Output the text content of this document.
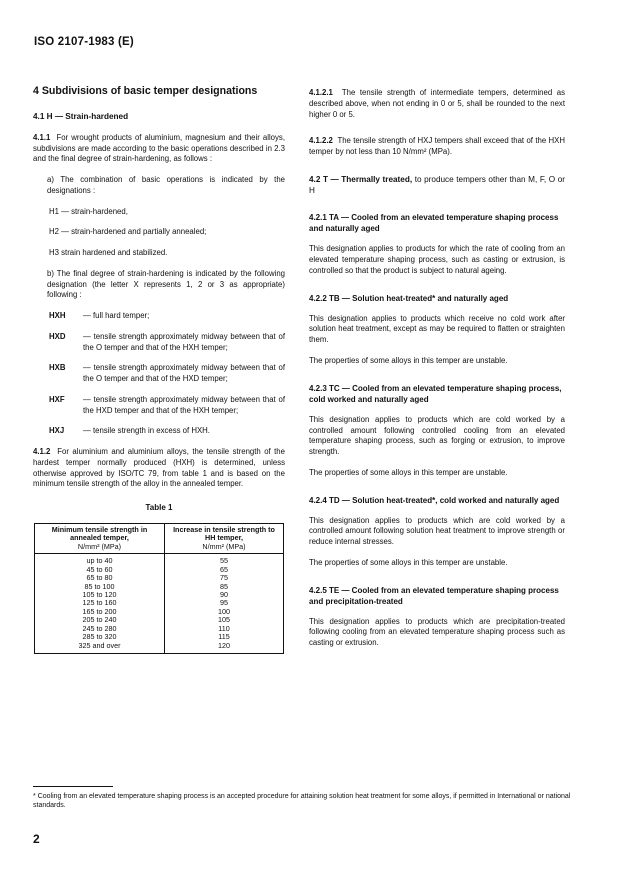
ISO 2107-1983 (E)
4 Subdivisions of basic temper designations
4.1 H — Strain-hardened

4.1.1 For wrought products of aluminium, magnesium and their alloys, subdivisions are made according to the basic operations described in 2.3 and the final degree of strain-hardening, as follows :

a) The combination of basic operations is indicated by the designations :

H1 — strain-hardened,
H2 — strain-hardened and partially annealed;
H3 strain hardened and stabilized.

b) The final degree of strain-hardening is indicated by the following designation (the letter X represents 1, 2 or 3 as appropriate) following :

HXH	— full hard temper;
HXD	— tensile strength approximately midway between that of the O temper and that of the HXH temper;
HXB	— tensile strength approximately midway between that of the O temper and that of the HXD temper;
HXF	— tensile strength approximately midway between that of the HXD temper and that of the HXH temper;
HXJ	— tensile strength in excess of HXH.

4.1.2 For aluminium and aluminium alloys, the tensile strength of the hardest temper normally produced (HXH) is determined, unless otherwise approved by ISO/TC 79, from table 1 and is based on the minimum tensile strength of the alloy in the annealed temper.

Table 1
Minimum tensile strength in annealed temper,
N/mm² (MPa)	Increase in tensile strength to HH temper,
N/mm² (MPa)
up to 40	55
45 to 60	65
65 to 80	75
85 to 100	85
105 to 120	90
125 to 160	95
165 to 200	100
205 to 240	105
245 to 280	110
285 to 320	115
325 and over	120

4.1.2.1 The tensile strength of intermediate tempers, determined as described above, when not ending in 0 or 5, shall be rounded to the next higher 0 or 5.

4.1.2.2 The tensile strength of HXJ tempers shall exceed that of the HXH temper by not less than 10 N/mm² (MPa).

4.2 T — Thermally treated, to produce tempers other than M, F, O or H

4.2.1 TA — Cooled from an elevated temperature shaping process and naturally aged

This designation applies to products for which the rate of cooling from an elevated temperature shaping process, such as casting or extrusion, is controlled so that the product is subject to natural ageing.

4.2.2 TB — Solution heat-treated* and naturally aged

This designation applies to products which receive no cold work after solution heat treatment, except as may be required to flatten or straighten them.

The properties of some alloys in this temper are unstable.

4.2.3 TC — Cooled from an elevated temperature shaping process, cold worked and naturally aged

This designation applies to products which are cold worked by a controlled amount following controlled cooling from an elevated temperature shaping process, such as forging or extrusion, to improve strength.

The properties of some alloys in this temper are unstable.

4.2.4 TD — Solution heat-treated*, cold worked and naturally aged

This designation applies to products which are cold worked by a controlled amount following solution heat treatment to improve strength or reduce internal stresses.

The properties of some alloys in this temper are unstable.

4.2.5 TE — Cooled from an elevated temperature shaping process and precipitation-treated

This designation applies to products which are precipitation-treated following cooling from an elevated temperature shaping process such as casting or extrusion.

* Cooling from an elevated temperature shaping process is an accepted procedure for attaining solution heat treatment for some alloys, if permitted in International or national standards.
2
